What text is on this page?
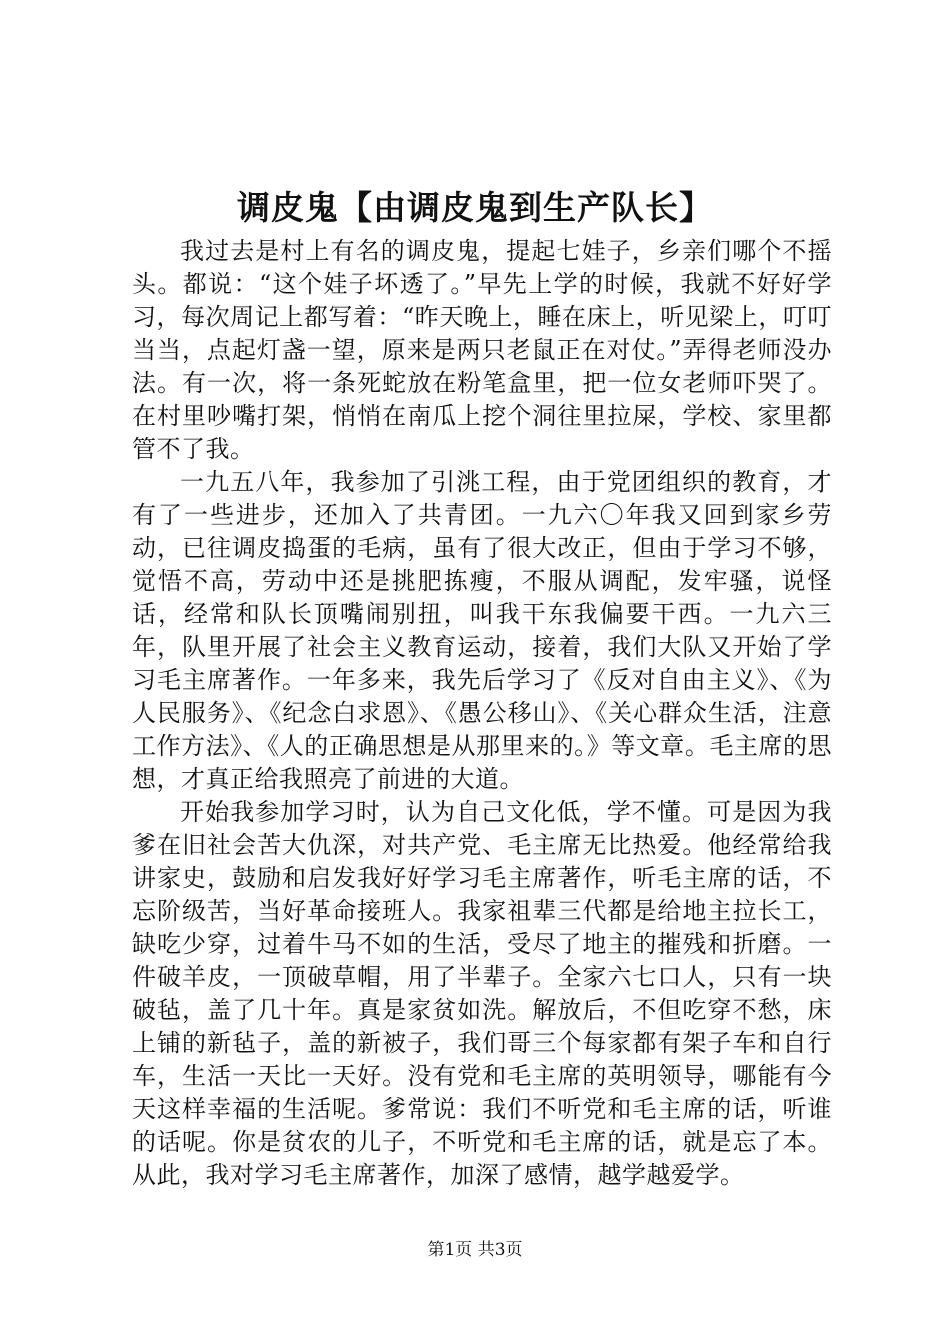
调皮鬼【由调皮鬼到生产队长】

我过去是村上有名的调皮鬼，提起七娃子，乡亲们哪个不摇头。都说：“这个娃子坏透了。”早先上学的时候，我就不好好学习，每次周记上都写着：“昨天晚上，睡在床上，听见梁上，叮叮当当，点起灯盏一望，原来是两只老鼠正在对仗。”弄得老师没办法。有一次，将一条死蛇放在粉笔盒里，把一位女老师吓哭了。在村里吵嘴打架，悄悄在南瓜上挖个洞往里拉屎，学校、家里都管不了我。

一九五八年，我参加了引洮工程，由于党团组织的教育，才有了一些进步，还加入了共青团。一九六〇年我又回到家乡劳动，已往调皮捣蛋的毛病，虽有了很大改正，但由于学习不够，觉悟不高，劳动中还是挑肥拣瘦，不服从调配，发牢骚，说怪话，经常和队长顶嘴闹别扭，叫我干东我偏要干西。一九六三年，队里开展了社会主义教育运动，接着，我们大队又开始了学习毛主席著作。一年多来，我先后学习了《反对自由主义》、《为人民服务》、《纪念白求恩》、《愚公移山》、《关心群众生活，注意工作方法》、《人的正确思想是从那里来的。》等文章。毛主席的思想，才真正给我照亮了前进的大道。

开始我参加学习时，认为自己文化低，学不懂。可是因为我爹在旧社会苦大仇深，对共产党、毛主席无比热爱。他经常给我讲家史，鼓励和启发我好好学习毛主席著作，听毛主席的话，不忘阶级苦，当好革命接班人。我家祖辈三代都是给地主拉长工，缺吃少穿，过着牛马不如的生活，受尽了地主的摧残和折磨。一件破羊皮，一顶破草帽，用了半辈子。全家六七口人，只有一块破毡，盖了几十年。真是家贫如洗。解放后，不但吃穿不愁，床上铺的新毡子，盖的新被子，我们哥三个每家都有架子车和自行车，生活一天比一天好。没有党和毛主席的英明领导，哪能有今天这样幸福的生活呢。爹常说：我们不听党和毛主席的话，听谁的话呢。你是贫农的儿子，不听党和毛主席的话，就是忘了本。从此，我对学习毛主席著作，加深了感情，越学越爱学。

第1页 共3页
